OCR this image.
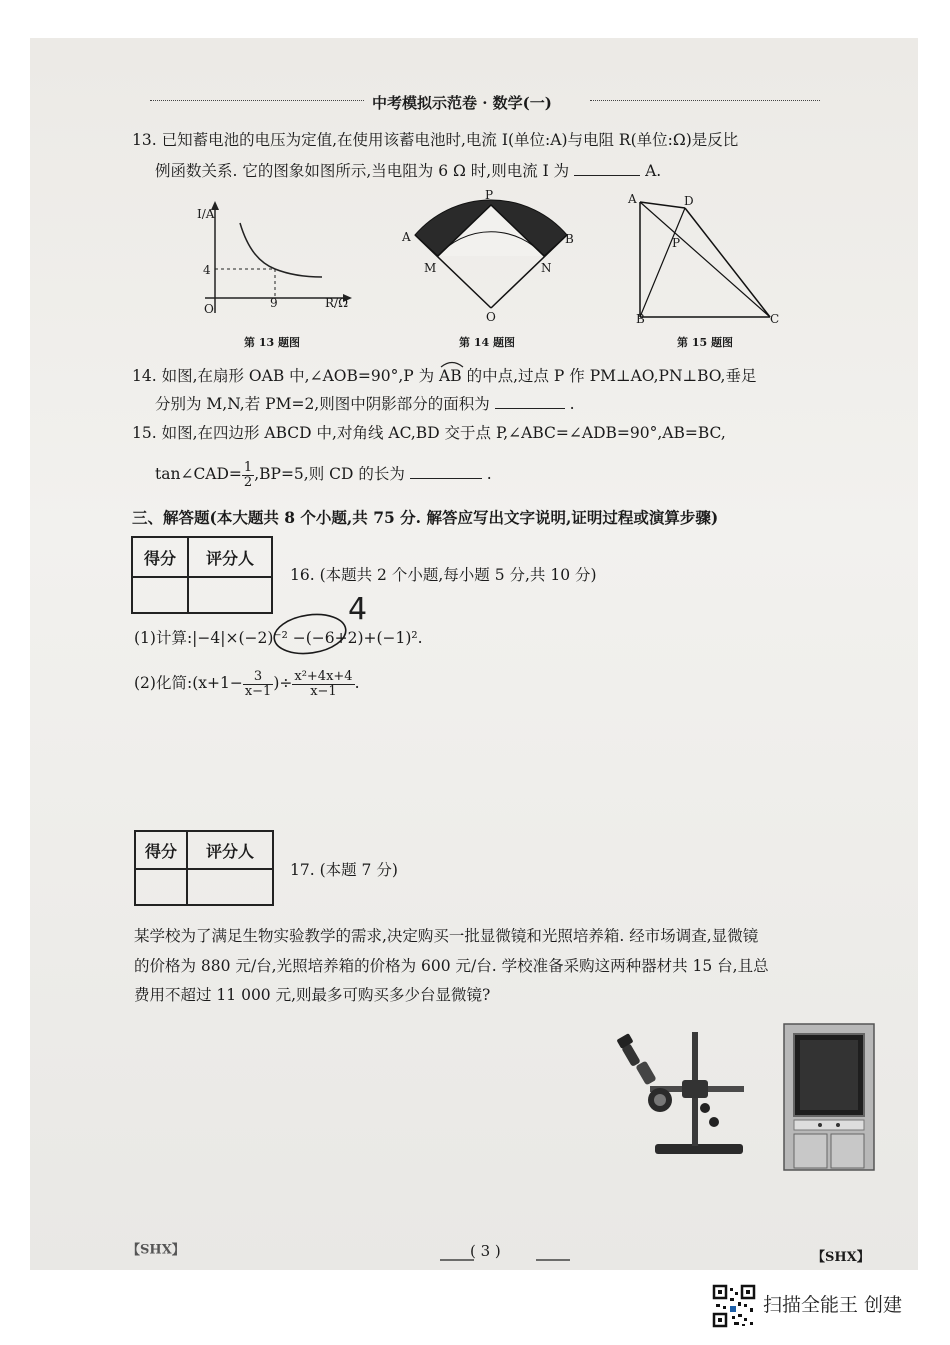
中考模拟示范卷 · 数学(一)
13. 已知蓄电池的电压为定值,在使用该蓄电池时,电流 I(单位:A)与电阻 R(单位:Ω)是反比
例函数关系. 它的图象如图所示,当电阻为 6 Ω 时,则电流 I 为	A.
I/A
R/Ω
O
4
9
第 13 题图
A	B
P
M	N
O
第 14 题图
A	D
P
B	C
第 15 题图
14. 如图,在扇形 OAB 中,∠AOB=90°,P 为 AB 的中点,过点 P 作 PM⊥AO,PN⊥BO,垂足
分别为 M,N,若 PM=2,则图中阴影部分的面积为	.
15. 如图,在四边形 ABCD 中,对角线 AC,BD 交于点 P,∠ABC=∠ADB=90°,AB=BC,
tan∠CAD= $\frac{1}{2} ,BP=5$,则 CD 的长为	.
三、解答题(本大题共 8 个小题,共 75 分. 解答应写出文字说明,证明过程或演算步骤)
得分	评分人

16. (本题共 2 个小题,每小题 5 分,共 10 分)
(1)计算:|−4|×(−2)⁻² −(−6+2)+(−1)².
4
(2)化简:(x+1− $\frac{3}{x-1}$ )÷ $\frac{\text{x²+4x+4}}{x-1}$ .
得分	评分人

17. (本题 7 分)
某学校为了满足生物实验教学的需求,决定购买一批显微镜和光照培养箱. 经市场调查,显微镜
的价格为 880 元/台,光照培养箱的价格为 600 元/台. 学校准备采购这两种器材共 15 台,且总
费用不超过 11 000 元,则最多可购买多少台显微镜?
( 3 )
【XHS】
【SHX】
扫描全能王 创建
